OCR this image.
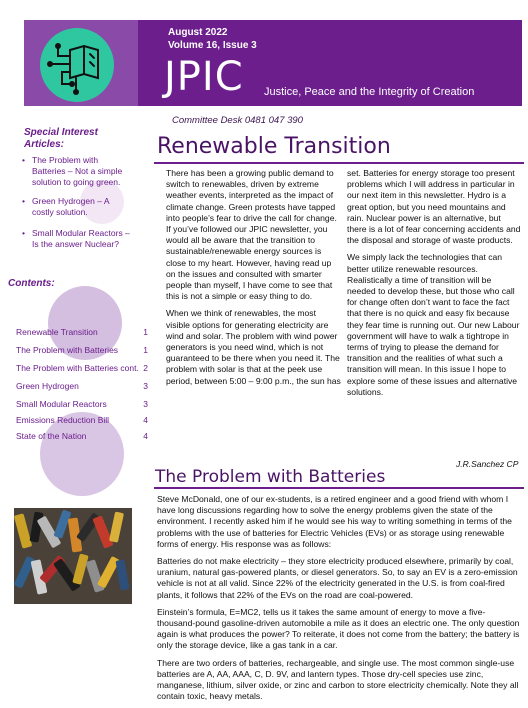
August 2022
Volume 16, Issue 3
JPIC Justice, Peace and the Integrity of Creation
Committee Desk 0481 047 390
Special Interest Articles:
• The Problem with Batteries – Not a simple solution to going green.
• Green Hydrogen – A costly solution.
• Small Modular Reactors – Is the answer Nuclear?
Contents:
Renewable Transition	1
The Problem with Batteries	1
The Problem with Batteries cont. 2
Green Hydrogen	3
Small Modular Reactors	3
Emissions Reduction Bill	4
State of the Nation	4
Renewable Transition

There has been a growing public demand to switch to renewables, driven by extreme weather events, interpreted as the impact of climate change. Green protests have tapped into people’s fear to drive the call for change. If you’ve followed our JPIC newsletter, you would all be aware that the transition to sustainable/renewable energy sources is close to my heart. However, having read up on the issues and consulted with smarter people than myself, I have come to see that this is not a simple or easy thing to do.

When we think of renewables, the most visible options for generating electricity are wind and solar. The problem with wind power generators is you need wind, which is not guaranteed to be there when you need it. The problem with solar is that at the peek use period, between 5:00 – 9:00 p.m., the sun has

set. Batteries for energy storage too present problems which I will address in particular in our next item in this newsletter. Hydro is a great option, but you need mountains and rain. Nuclear power is an alternative, but there is a lot of fear concerning accidents and the disposal and storage of waste products.

We simply lack the technologies that can better utilize renewable resources. Realistically a time of transition will be needed to develop these, but those who call for change often don’t want to face the fact that there is no quick and easy fix because they fear time is running out. Our new Labour government will have to walk a tightrope in terms of trying to please the demand for transition and the realities of what such a transition will mean. In this issue I hope to explore some of these issues and alternative solutions.

J.R.Sanchez CP
The Problem with Batteries

Steve McDonald, one of our ex-students, is a retired engineer and a good friend with whom I have long discussions regarding how to solve the energy problems given the state of the environment. I recently asked him if he would see his way to writing something in terms of the problems with the use of batteries for Electric Vehicles (EVs) or as storage using renewable forms of energy. His response was as follows:

Batteries do not make electricity – they store electricity produced elsewhere, primarily by coal, uranium, natural gas-powered plants, or diesel generators. So, to say an EV is a zero-emission vehicle is not at all valid. Since 22% of the electricity generated in the U.S. is from coal-fired plants, it follows that 22% of the EVs on the road are coal-powered.

Einstein’s formula, E=MC2, tells us it takes the same amount of energy to move a five-thousand-pound gasoline-driven automobile a mile as it does an electric one. The only question again is what produces the power? To reiterate, it does not come from the battery; the battery is only the storage device, like a gas tank in a car.

There are two orders of batteries, rechargeable, and single use. The most common single-use batteries are A, AA, AAA, C, D. 9V, and lantern types. Those dry-cell species use zinc, manganese, lithium, silver oxide, or zinc and carbon to store electricity chemically. Note they all contain toxic, heavy metals.
